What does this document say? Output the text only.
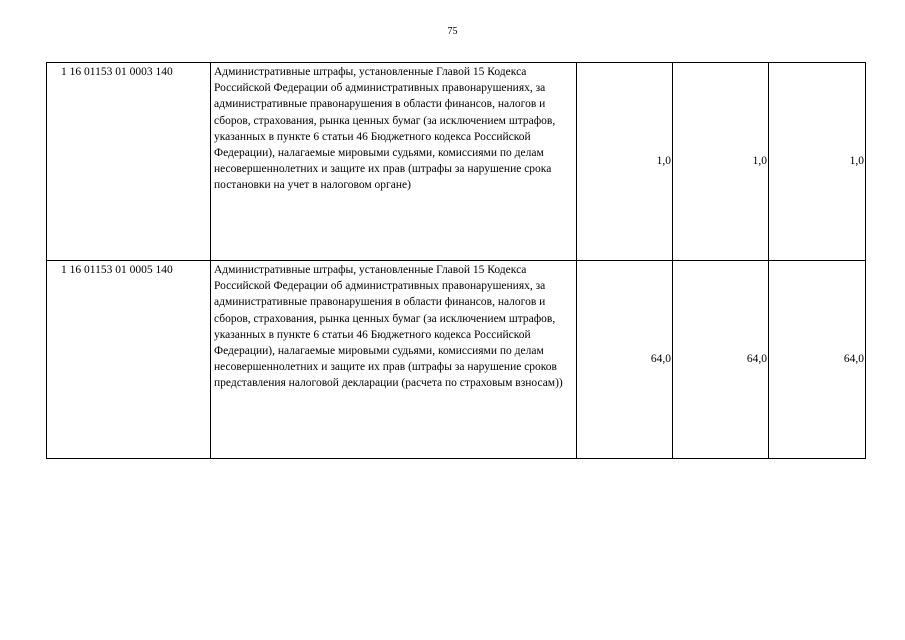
75
1 16 01153 01 0003 140	Административные штрафы, установленные Главой 15 Кодекса Российской Федерации об административных правонарушениях, за административные правонарушения в области финансов, налогов и сборов, страхования, рынка ценных бумаг (за исключением штрафов, указанных в пункте 6 статьи 46 Бюджетного кодекса Российской Федерации), налагаемые мировыми судьями, комиссиями по делам несовершеннолетних и защите их прав (штрафы за нарушение срока постановки на учет в налоговом органе)	1,0	1,0	1,0
1 16 01153 01 0005 140	Административные штрафы, установленные Главой 15 Кодекса Российской Федерации об административных правонарушениях, за административные правонарушения в области финансов, налогов и сборов, страхования, рынка ценных бумаг (за исключением штрафов, указанных в пункте 6 статьи 46 Бюджетного кодекса Российской Федерации), налагаемые мировыми судьями, комиссиями по делам несовершеннолетних и защите их прав (штрафы за нарушение сроков представления налоговой декларации (расчета по страховым взносам))	64,0	64,0	64,0
